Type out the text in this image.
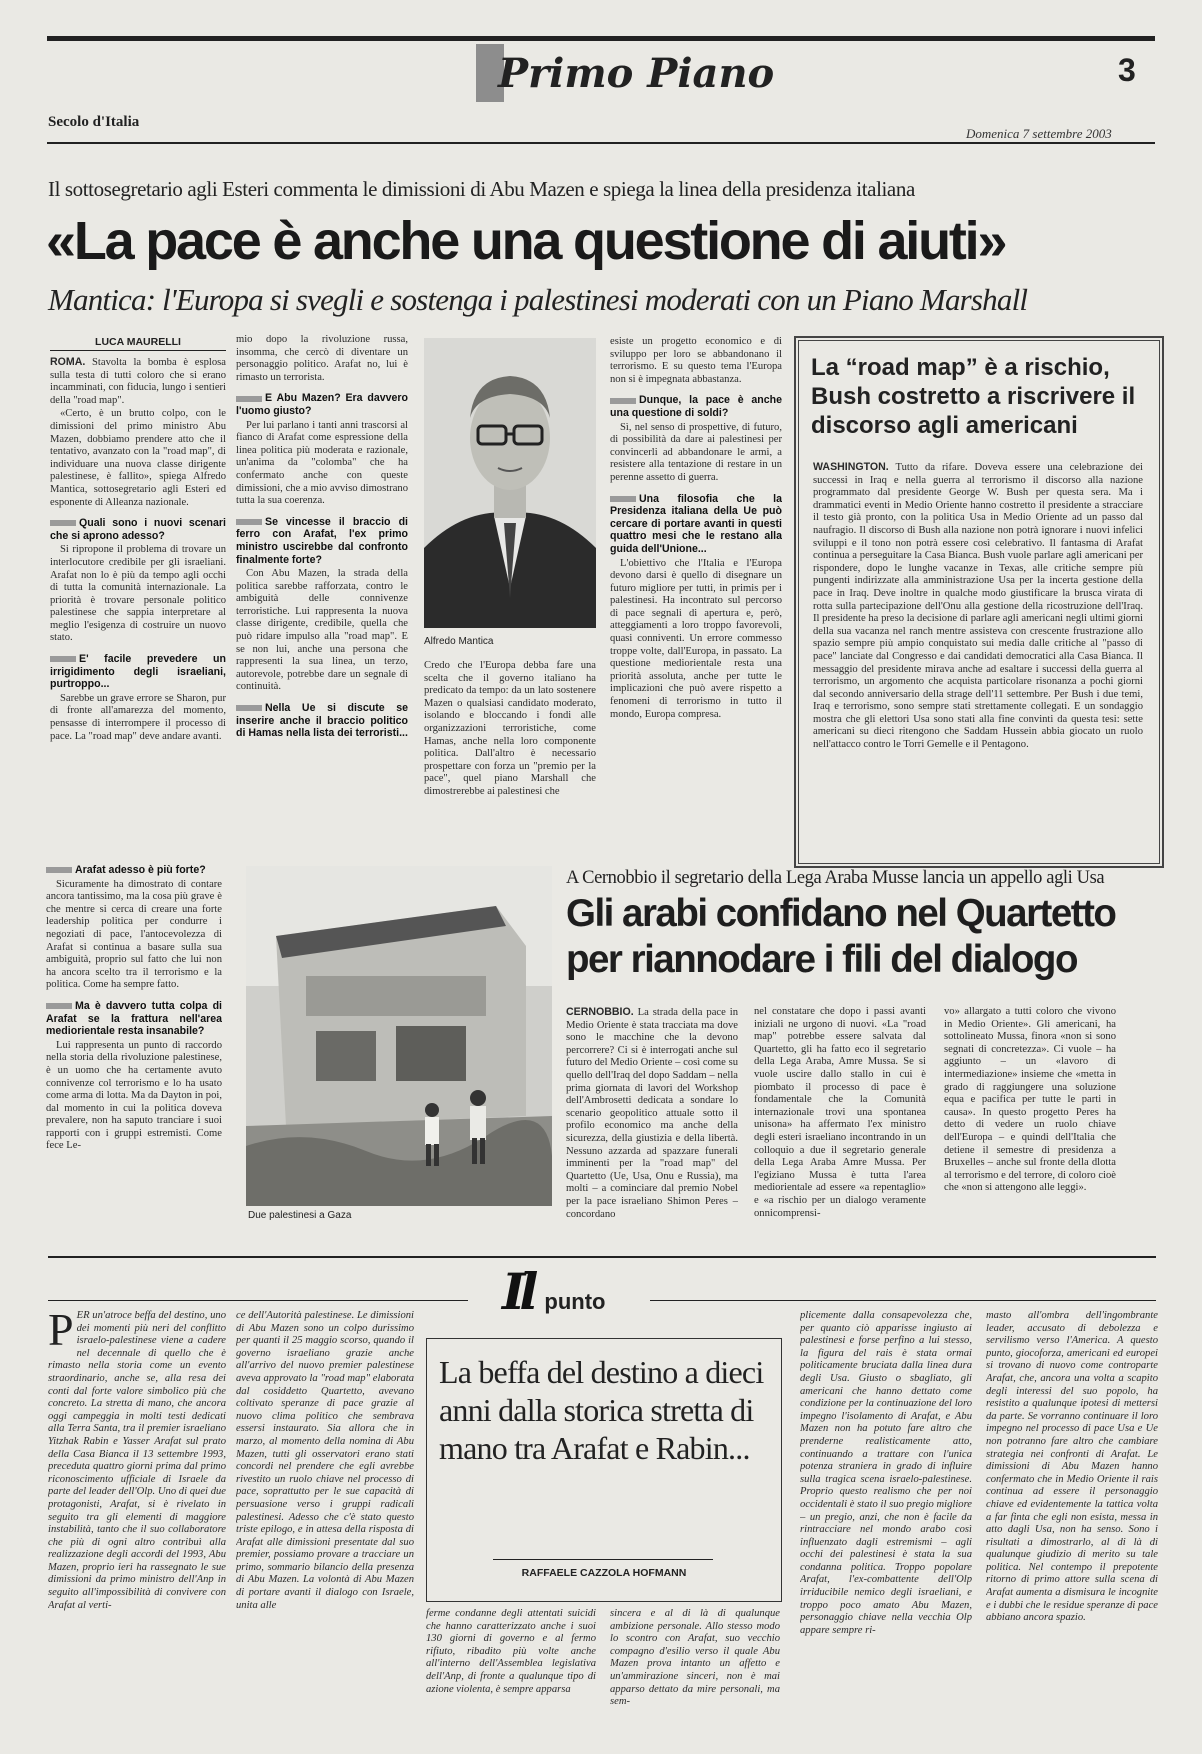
Primo Piano	3
Secolo d'Italia
Domenica 7 settembre 2003
Il sottosegretario agli Esteri commenta le dimissioni di Abu Mazen e spiega la linea della presidenza italiana
«La pace è anche una questione di aiuti»
Mantica: l'Europa si svegli e sostenga i palestinesi moderati con un Piano Marshall
LUCA MAURELLI

ROMA. Stavolta la bomba è esplosa sulla testa di tutti coloro che si erano incamminati, con fiducia, lungo i sentieri della "road map".

«Certo, è un brutto colpo, con le dimissioni del primo ministro Abu Mazen, dobbiamo prendere atto che il tentativo, avanzato con la "road map", di individuare una nuova classe dirigente palestinese, è fallito», spiega Alfredo Mantica, sottosegretario agli Esteri ed esponente di Alleanza nazionale.

Quali sono i nuovi scenari che si aprono adesso?

Si ripropone il problema di trovare un interlocutore credibile per gli israeliani. Arafat non lo è più da tempo agli occhi di tutta la comunità internazionale. La priorità è trovare personale politico palestinese che sappia interpretare al meglio l'esigenza di costruire un nuovo stato.

E' facile prevedere un irrigidimento degli israeliani, purtroppo...

Sarebbe un grave errore se Sharon, pur di fronte all'amarezza del momento, pensasse di interrompere il processo di pace. La "road map" deve andare avanti.

mio dopo la rivoluzione russa, insomma, che cercò di diventare un personaggio politico. Arafat no, lui è rimasto un terrorista.

E Abu Mazen? Era davvero l'uomo giusto?

Per lui parlano i tanti anni trascorsi al fianco di Arafat come espressione della linea politica più moderata e razionale, un'anima da "colomba" che ha confermato anche con queste dimissioni, che a mio avviso dimostrano tutta la sua coerenza.

Se vincesse il braccio di ferro con Arafat, l'ex primo ministro uscirebbe dal confronto finalmente forte?

Con Abu Mazen, la strada della politica sarebbe rafforzata, contro le ambiguità delle connivenze terroristiche. Lui rappresenta la nuova classe dirigente, credibile, quella che può ridare impulso alla "road map". E se non lui, anche una persona che rappresenti la sua linea, un terzo, autorevole, potrebbe dare un segnale di continuità.

Nella Ue si discute se inserire anche il braccio politico di Hamas nella lista dei terroristi...
Alfredo Mantica

Credo che l'Europa debba fare una scelta che il governo italiano ha predicato da tempo: da un lato sostenere Mazen o qualsiasi candidato moderato, isolando e bloccando i fondi alle organizzazioni terroristiche, come Hamas, anche nella loro componente politica. Dall'altro è necessario prospettare con forza un "premio per la pace", quel piano Marshall che dimostrerebbe ai palestinesi che

esiste un progetto economico e di sviluppo per loro se abbandonano il terrorismo. E su questo tema l'Europa non si è impegnata abbastanza.

Dunque, la pace è anche una questione di soldi?

Sì, nel senso di prospettive, di futuro, di possibilità da dare ai palestinesi per convincerli ad abbandonare le armi, a resistere alla tentazione di restare in un perenne assetto di guerra.

Una filosofia che la Presidenza italiana della Ue può cercare di portare avanti in questi quattro mesi che le restano alla guida dell'Unione...

L'obiettivo che l'Italia e l'Europa devono darsi è quello di disegnare un futuro migliore per tutti, in primis per i palestinesi. Ha incontrato sul percorso di pace segnali di apertura e, però, atteggiamenti a loro troppo favorevoli, quasi conniventi. Un errore commesso troppe volte, dall'Europa, in passato. La questione mediorientale resta una priorità assoluta, anche per tutte le implicazioni che può avere rispetto a fenomeni di terrorismo in tutto il mondo, Europa compresa.

La “road map” è a rischio, Bush costretto a riscrivere il discorso agli americani

WASHINGTON. Tutto da rifare. Doveva essere una celebrazione dei successi in Iraq e nella guerra al terrorismo il discorso alla nazione programmato dal presidente George W. Bush per questa sera. Ma i drammatici eventi in Medio Oriente hanno costretto il presidente a stracciare il testo già pronto, con la politica Usa in Medio Oriente ad un passo dal naufragio. Il discorso di Bush alla nazione non potrà ignorare i nuovi infelici sviluppi e il tono non potrà essere così celebrativo. Il fantasma di Arafat continua a perseguitare la Casa Bianca. Bush vuole parlare agli americani per rispondere, dopo le lunghe vacanze in Texas, alle critiche sempre più pungenti indirizzate alla amministrazione Usa per la incerta gestione della pace in Iraq. Deve inoltre in qualche modo giustificare la brusca virata di rotta sulla partecipazione dell'Onu alla gestione della ricostruzione dell'Iraq. Il presidente ha preso la decisione di parlare agli americani negli ultimi giorni della sua vacanza nel ranch mentre assisteva con crescente frustrazione allo spazio sempre più ampio conquistato sui media dalle critiche al "passo di pace" lanciate dal Congresso e dai candidati democratici alla Casa Bianca. Il messaggio del presidente mirava anche ad esaltare i successi della guerra al terrorismo, un argomento che acquista particolare risonanza a pochi giorni dal secondo anniversario della strage dell'11 settembre. Per Bush i due temi, Iraq e terrorismo, sono sempre stati strettamente collegati. E un sondaggio mostra che gli elettori Usa sono stati alla fine convinti da questa tesi: sette americani su dieci ritengono che Saddam Hussein abbia giocato un ruolo nell'attacco contro le Torri Gemelle e il Pentagono.

Arafat adesso è più forte?

Sicuramente ha dimostrato di contare ancora tantissimo, ma la cosa più grave è che mentre si cerca di creare una forte leadership politica per condurre i negoziati di pace, l'antocevolezza di Arafat si continua a basare sulla sua ambiguità, proprio sul fatto che lui non ha ancora scelto tra il terrorismo e la politica. Come ha sempre fatto.

Ma è davvero tutta colpa di Arafat se la frattura nell'area mediorientale resta insanabile?

Lui rappresenta un punto di raccordo nella storia della rivoluzione palestinese, è un uomo che ha certamente avuto connivenze col terrorismo e lo ha usato come arma di lotta. Ma da Dayton in poi, dal momento in cui la politica doveva prevalere, non ha saputo tranciare i suoi rapporti con i gruppi estremisti. Come fece Le-

A Cernobbio il segretario della Lega Araba Musse lancia un appello agli Usa
Gli arabi confidano nel Quartetto per riannodare i fili del dialogo
Due palestinesi a Gaza

CERNOBBIO. La strada della pace in Medio Oriente è stata tracciata ma dove sono le macchine che la devono percorrere? Ci si è interrogati anche sul futuro del Medio Oriente – così come su quello dell'Iraq del dopo Saddam – nella prima giornata di lavori del Workshop dell'Ambrosetti dedicata a sondare lo scenario geopolitico attuale sotto il profilo economico ma anche della sicurezza, della giustizia e della libertà. Nessuno azzarda ad spazzare funerali imminenti per la "road map" del Quartetto (Ue, Usa, Onu e Russia), ma molti – a cominciare dal premio Nobel per la pace israeliano Shimon Peres – concordano

nel constatare che dopo i passi avanti iniziali ne urgono di nuovi. «La "road map" potrebbe essere salvata dal Quartetto, gli ha fatto eco il segretario della Lega Araba, Amre Mussa. Se si vuole uscire dallo stallo in cui è piombato il processo di pace è fondamentale che la Comunità internazionale trovi una spontanea unisona» ha affermato l'ex ministro degli esteri israeliano incontrando in un colloquio a due il segretario generale della Lega Araba Amre Mussa. Per l'egiziano Mussa è tutta l'area mediorientale ad essere «a repentaglio» e «a rischio per un dialogo veramente onnicomprensi-

vo» allargato a tutti coloro che vivono in Medio Oriente». Gli americani, ha sottolineato Mussa, finora «non si sono segnati di concretezza». Ci vuole – ha aggiunto – un «lavoro di intermediazione» insieme che «metta in grado di raggiungere una soluzione equa e pacifica per tutte le parti in causa». In questo progetto Peres ha detto di vedere un ruolo chiave dell'Europa – e quindi dell'Italia che detiene il semestre di presidenza a Bruxelles – anche sul fronte della dlotta al terrorismo e del terrore, di coloro cioè che «non si attengono alle leggi».

Il punto
P ER un'atroce beffa del destino, uno dei momenti più neri del conflitto israelo-palestinese viene a cadere nel decennale di quello che è rimasto nella storia come un evento straordinario, anche se, alla resa dei conti dal forte valore simbolico più che concreto. La stretta di mano, che ancora oggi campeggia in molti testi dedicati alla Terra Santa, tra il premier israeliano Yitzhak Rabin e Yasser Arafat sul prato della Casa Bianca il 13 settembre 1993, preceduta quattro giorni prima dal primo riconoscimento ufficiale di Israele da parte del leader dell'Olp. Uno di quei due protagonisti, Arafat, si è rivelato in seguito tra gli elementi di maggiore instabilità, tanto che il suo collaboratore che più di ogni altro contribuì alla realizzazione degli accordi del 1993, Abu Mazen, proprio ieri ha rassegnato le sue dimissioni da primo ministro dell'Anp in seguito all'impossibilità di convivere con Arafat al verti-

ce dell'Autorità palestinese. Le dimissioni di Abu Mazen sono un colpo durissimo per quanti il 25 maggio scorso, quando il governo israeliano grazie anche all'arrivo del nuovo premier palestinese aveva approvato la "road map" elaborata dal cosiddetto Quartetto, avevano coltivato speranze di pace grazie al nuovo clima politico che sembrava essersi instaurato. Sia allora che in marzo, al momento della nomina di Abu Mazen, tutti gli osservatori erano stati concordi nel prendere che egli avrebbe rivestito un ruolo chiave nel processo di pace, soprattutto per le sue capacità di persuasione verso i gruppi radicali palestinesi. Adesso che c'è stato questo triste epilogo, e in attesa della risposta di Arafat alle dimissioni presentate dal suo premier, possiamo provare a tracciare un primo, sommario bilancio della presenza di Abu Mazen. La volontà di Abu Mazen di portare avanti il dialogo con Israele, unita alle

La beffa del destino a dieci anni dalla storica stretta di mano tra Arafat e Rabin...
RAFFAELE CAZZOLA HOFMANN

ferme condanne degli attentati suicidi che hanno caratterizzato anche i suoi 130 giorni di governo e al fermo rifiuto, ribadito più volte anche all'interno dell'Assemblea legislativa dell'Anp, di fronte a qualunque tipo di azione violenta, è sempre apparsa

sincera e al di là di qualunque ambizione personale. Allo stesso modo lo scontro con Arafat, suo vecchio compagno d'esilio verso il quale Abu Mazen prova intanto un affetto e un'ammirazione sinceri, non è mai apparso dettato da mire personali, ma sem-

plicemente dalla consapevolezza che, per quanto ciò apparisse ingiusto ai palestinesi e forse perfino a lui stesso, la figura del rais è stata ormai politicamente bruciata dalla linea dura degli Usa. Giusto o sbagliato, gli americani che hanno dettato come condizione per la continuazione del loro impegno l'isolamento di Arafat, e Abu Mazen non ha potuto fare altro che prenderne realisticamente atto, continuando a trattare con l'unica potenza straniera in grado di influire sulla tragica scena israelo-palestinese. Proprio questo realismo che per noi occidentali è stato il suo pregio migliore – un pregio, anzi, che non è facile da rintracciare nel mondo arabo così influenzato dagli estremismi – agli occhi dei palestinesi è stata la sua condanna politica. Troppo popolare Arafat, l'ex-combattente dell'Olp irriducibile nemico degli israeliani, e troppo poco amato Abu Mazen, personaggio chiave nella vecchia Olp appare sempre ri-

masto all'ombra dell'ingombrante leader, accusato di debolezza e servilismo verso l'America. A questo punto, giocoforza, americani ed europei si trovano di nuovo come controparte Arafat, che, ancora una volta a scapito degli interessi del suo popolo, ha resistito a qualunque ipotesi di mettersi da parte. Se vorranno continuare il loro impegno nel processo di pace Usa e Ue non potranno fare altro che cambiare strategia nei confronti di Arafat. Le dimissioni di Abu Mazen hanno confermato che in Medio Oriente il rais continua ad essere il personaggio chiave ed evidentemente la tattica volta a far finta che egli non esista, messa in atto dagli Usa, non ha senso. Sono i risultati a dimostrarlo, al di là di qualunque giudizio di merito su tale politica. Nel contempo il prepotente ritorno di primo attore sulla scena di Arafat aumenta a dismisura le incognite e i dubbi che le residue speranze di pace abbiano ancora spazio.
